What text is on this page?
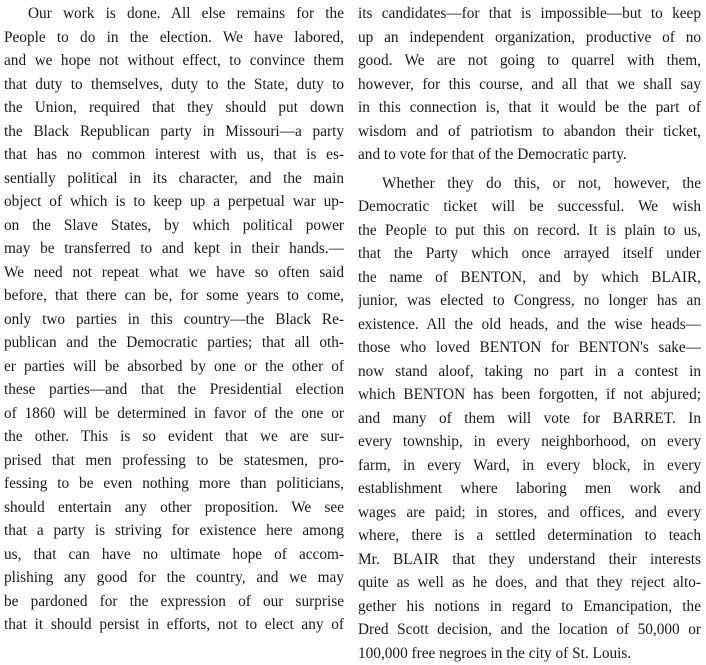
Our work is done. All else remains for the
People to do in the election. We have labored,
and we hope not without effect, to convince them
that duty to themselves, duty to the State, duty to
the Union, required that they should put down
the Black Republican party in Missouri—a party
that has no common interest with us, that is es-
sentially political in its character, and the main
object of which is to keep up a perpetual war up-
on the Slave States, by which political power
may be transferred to and kept in their hands.—
We need not repeat what we have so often said
before, that there can be, for some years to come,
only two parties in this country—the Black Re-
publican and the Democratic parties; that all oth-
er parties will be absorbed by one or the other of
these parties—and that the Presidential election
of 1860 will be determined in favor of the one or
the other. This is so evident that we are sur-
prised that men professing to be statesmen, pro-
fessing to be even nothing more than politicians,
should entertain any other proposition. We see
that a party is striving for existence here among
us, that can have no ultimate hope of accom-
plishing any good for the country, and we may
be pardoned for the expression of our surprise
that it should persist in efforts, not to elect any of
its candidates—for that is impossible—but to keep
up an independent organization, productive of no
good. We are not going to quarrel with them,
however, for this course, and all that we shall say
in this connection is, that it would be the part of
wisdom and of patriotism to abandon their ticket,
and to vote for that of the Democratic party.
Whether they do this, or not, however, the
Democratic ticket will be successful. We wish
the People to put this on record. It is plain to us,
that the Party which once arrayed itself under
the name of BENTON, and by which BLAIR,
junior, was elected to Congress, no longer has an
existence. All the old heads, and the wise heads—
those who loved BENTON for BENTON's sake—
now stand aloof, taking no part in a contest in
which BENTON has been forgotten, if not abjured;
and many of them will vote for BARRET. In
every township, in every neighborhood, on every
farm, in every Ward, in every block, in every
establishment where laboring men work and
wages are paid; in stores, and offices, and every
where, there is a settled determination to teach
Mr. BLAIR that they understand their interests
quite as well as he does, and that they reject alto-
gether his notions in regard to Emancipation, the
Dred Scott decision, and the location of 50,000 or
100,000 free negroes in the city of St. Louis.
